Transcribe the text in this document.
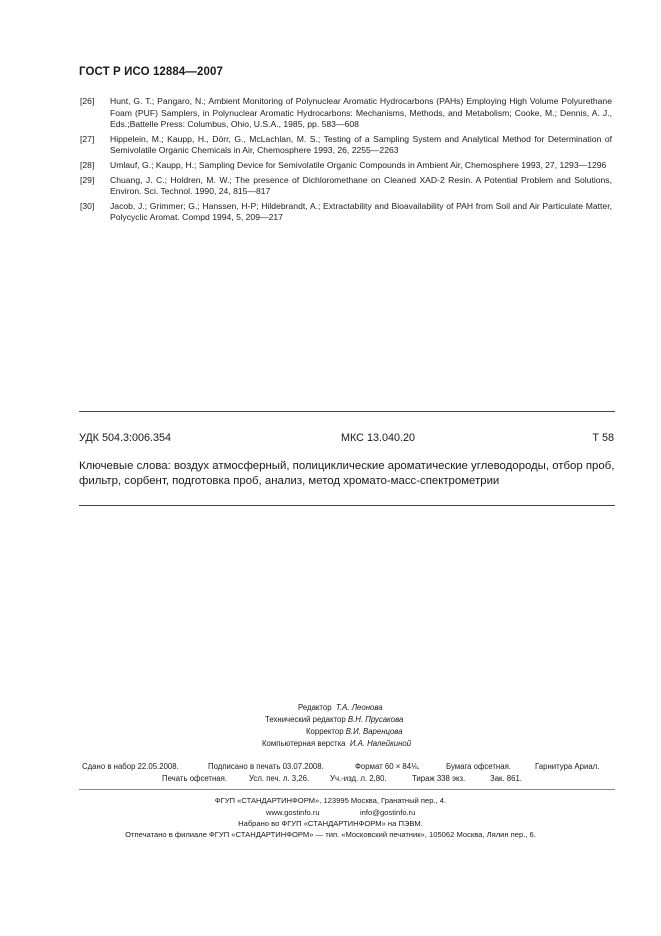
ГОСТ Р ИСО 12884—2007
[26]	Hunt, G. T.; Pangaro, N.; Ambient Monitoring of Polynuclear Aromatic Hydrocarbons (PAHs) Employing High Volume Polyurethane Foam (PUF) Samplers, in Polynuclear Aromatic Hydrocarbons: Mechanisms, Methods, and Metabolism; Cooke, M.; Dennis, A. J., Eds.;Battelle Press: Columbus, Ohio, U.S.A., 1985, pp. 583—608
[27]	Hippelein, M.; Kaupp, H., Dörr, G., McLachlan, M. S.; Testing of a Sampling System and Analytical Method for Determination of Semivolatile Organic Chemicals in Air, Chemosphere 1993, 26, 2255—2263
[28]	Umlauf, G.; Kaupp, H.; Sampling Device for Semivolatile Organic Compounds in Ambient Air, Chemosphere 1993, 27, 1293—1296
[29]	Chuang, J. C.; Holdren, M. W.; The presence of Dichloromethane on Cleaned XAD-2 Resin. A Potential Problem and Solutions, Environ. Sci. Technol. 1990, 24, 815—817
[30]	Jacob, J.; Grimmer; G.; Hanssen, H-P; Hildebrandt, A.; Extractability and Bioavailability of PAH from Soil and Air Particulate Matter, Polycyclic Aromat. Compd 1994, 5, 209—217
УДК 504.3:006.354	МКС 13.040.20	Т 58
Ключевые слова: воздух атмосферный, полициклические ароматические углеводороды, отбор проб, фильтр, сорбент, подготовка проб, анализ, метод хромато-масс-спектрометрии
Редактор Т.А. Леонова
Технический редактор В.Н. Прусакова
Корректор В.И. Варенцова
Компьютерная верстка И.А. Налейкиной
Сдано в набор 22.05.2008.	Подписано в печать 03.07.2008.	Формат 60 × 84⅛.	Бумага офсетная.	Гарнитура Ариал.
Печать офсетная.	Усл. печ. л. 3,26.	Уч.-изд. л. 2,80.	Тираж 338 экз.	Зак. 861.
ФГУП «СТАНДАРТИНФОРМ», 123995 Москва, Гранатный пер., 4.
www.gostinfo.ru	info@gostinfo.ru
Набрано во ФГУП «СТАНДАРТИНФОРМ» на ПЭВМ.
Отпечатано в филиале ФГУП «СТАНДАРТИНФОРМ» — тип. «Московский печатник», 105062 Москва, Лялин пер., 6.
